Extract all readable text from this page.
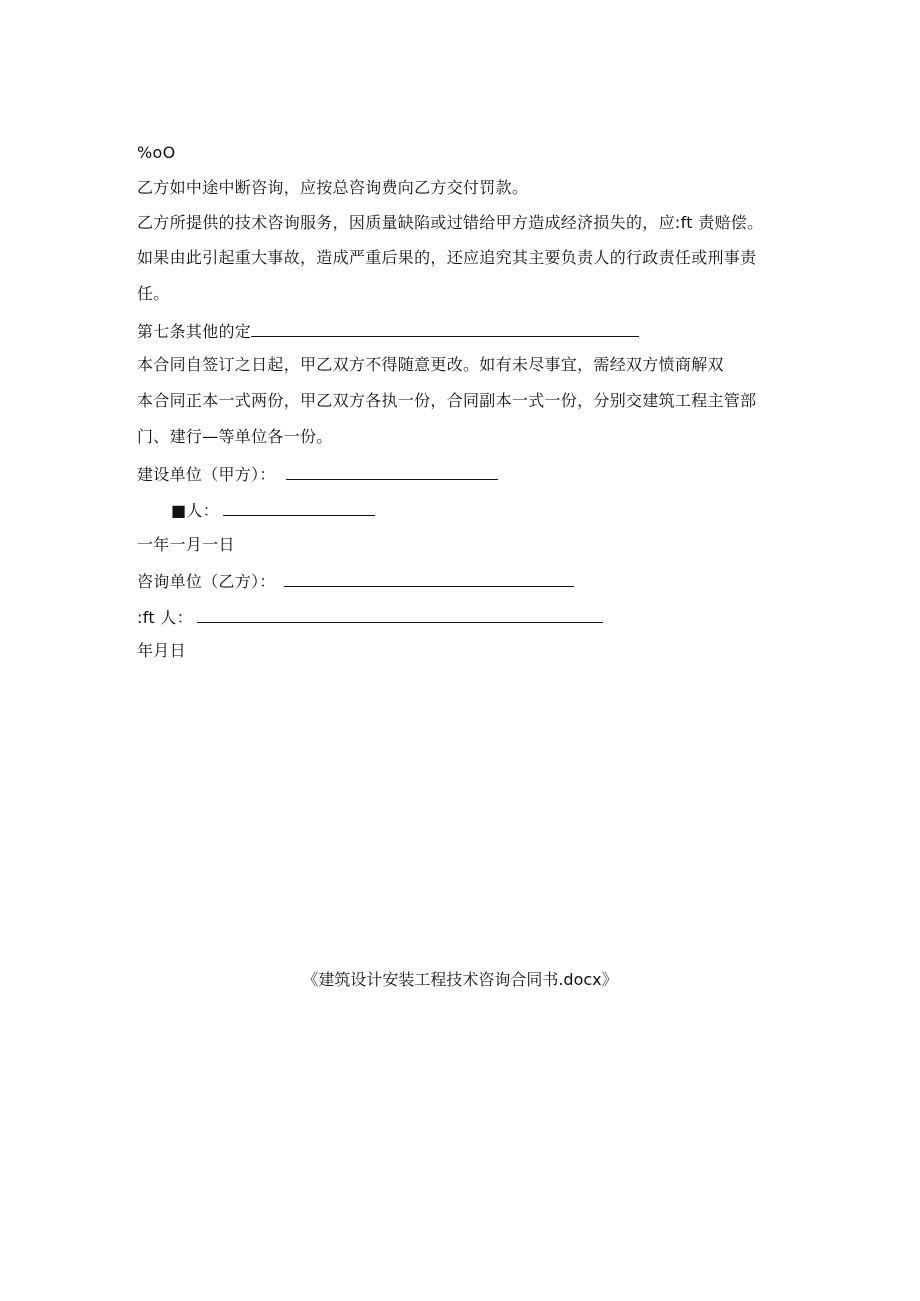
%oO
乙方如中途中断咨询，应按总咨询费向乙方交付罚款。
乙方所提供的技术咨询服务，因质量缺陷或过错给甲方造成经济损失的，应:ft 责赔偿。
如果由此引起重大事故，造成严重后果的，还应追究其主要负责人的行政责任或刑事责
任。
第七条其他的定
本合同自签订之日起，甲乙双方不得随意更改。如有未尽事宜，需经双方愤商解双
本合同正本一式两份，甲乙双方各执一份，合同副本一式一份，分别交建筑工程主管部
门、建行—等单位各一份。
建设单位（甲方）：
■人：
一年一月一日
咨询单位（乙方）：
:ft 人：
年月日
《建筑设计安装工程技术咨询合同书.docx》
